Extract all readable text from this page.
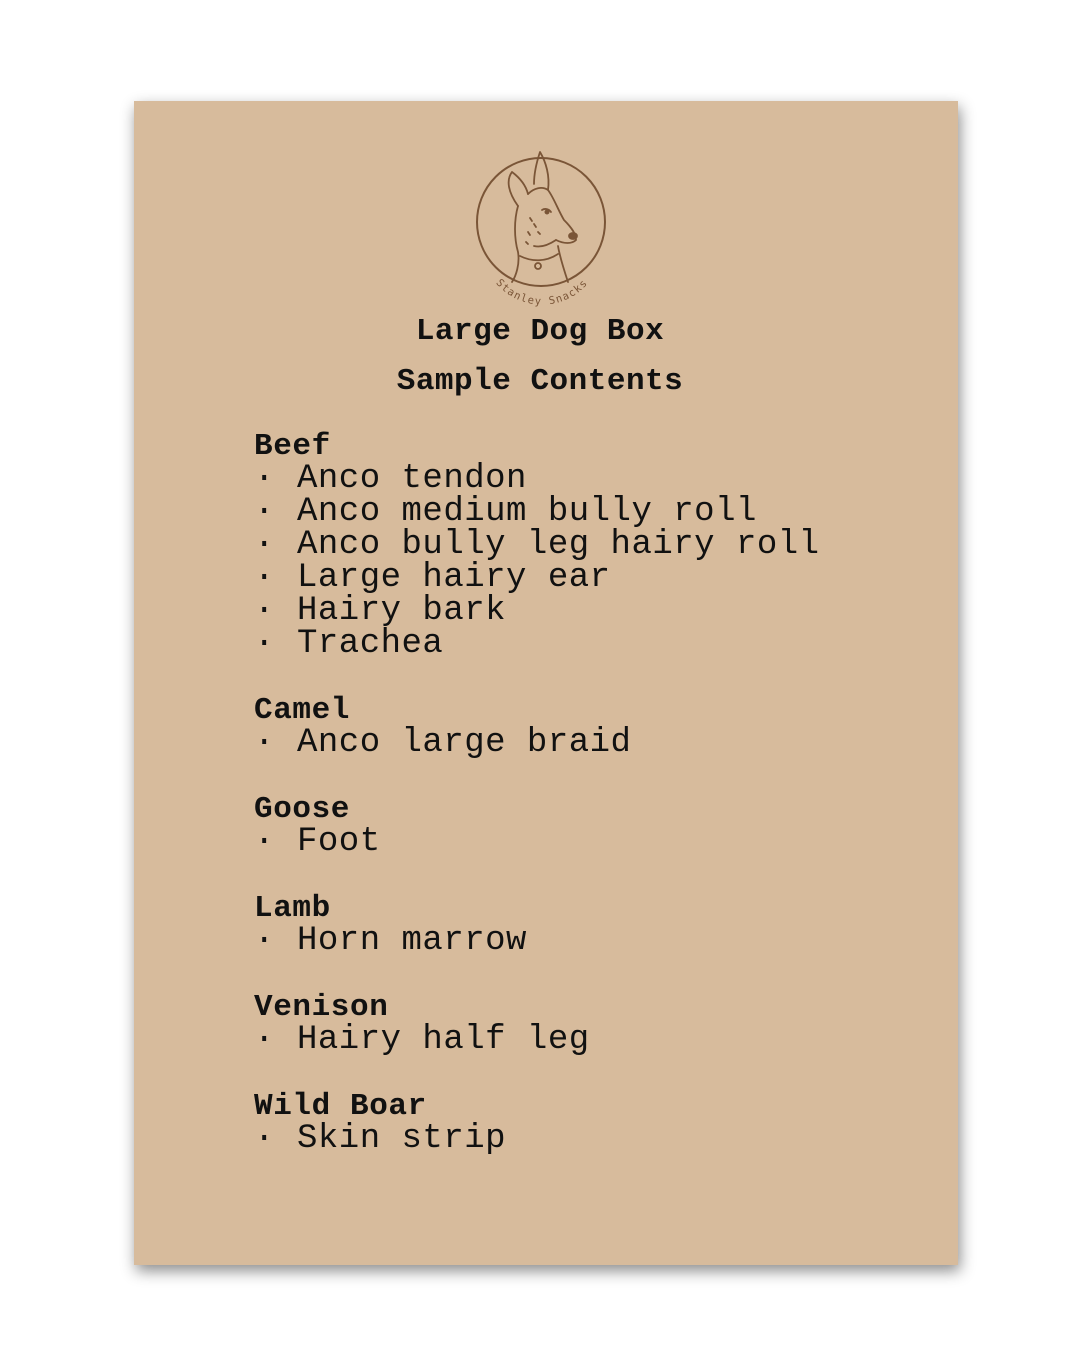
Stanley Snacks
Large Dog Box
Sample Contents
Beef
· Anco tendon
· Anco medium bully roll
· Anco bully leg hairy roll
· Large hairy ear
· Hairy bark
· Trachea
Camel
· Anco large braid
Goose
· Foot
Lamb
· Horn marrow
Venison
· Hairy half leg
Wild Boar
· Skin strip
